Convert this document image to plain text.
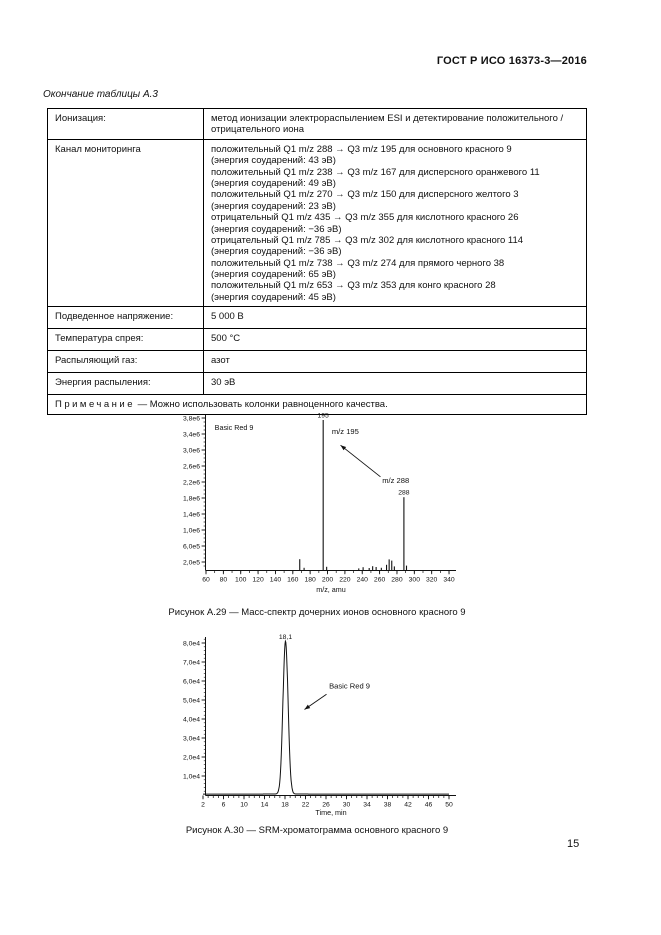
ГОСТ Р ИСО 16373-3—2016
Окончание таблицы А.3
Ионизация:	метод ионизации электрораспылением ESI и детектирование положительного / отрицательного иона
Канал мониторинга	положительный Q1 m/z 288 → Q3 m/z 195 для основного красного 9
(энергия соударений: 43 эВ)
положительный Q1 m/z 238 → Q3 m/z 167 для дисперсного оранжевого 11
(энергия соударений: 49 эВ)
положительный Q1 m/z 270 → Q3 m/z 150 для дисперсного желтого 3
(энергия соударений: 23 эВ)
отрицательный Q1 m/z 435 → Q3 m/z 355 для кислотного красного 26
(энергия соударений: −36 эВ)
отрицательный Q1 m/z 785 → Q3 m/z 302 для кислотного красного 114
(энергия соударений: −36 эВ)
положительный Q1 m/z 738 → Q3 m/z 274 для прямого черного 38
(энергия соударений: 65 эВ)
положительный Q1 m/z 653 → Q3 m/z 353 для конго красного 28
(энергия соударений: 45 эВ)

Подведенное напряжение:	5 000 В
Температура спрея:	500 °C
Распыляющий газ:	азот
Энергия распыления:	30 эВ
Примечание — Можно использовать колонки равноценного качества.	
2,0e5
6,0e5
1,0e6
1,4e6
1,8e6
2,2e6
2,6e6
3,0e6
3,4e6
3,8e6
60 80 100 120 140 160 180 200 220 240 260 280 300 320 340
m/z, amu
195
288
Basic Red 9	m/z 195
m/z 288
Рисунок А.29 — Масс-спектр дочерних ионов основного красного 9
1,0e4
2,0e4
3,0e4
4,0e4
5,0e4
6,0e4
7,0e4
8,0e4
2 6 10 14 18 22 26 30 34 38 42 46 50
Time, min
18,1
Basic Red 9
Рисунок А.30 — SRM-хроматограмма основного красного 9
15
